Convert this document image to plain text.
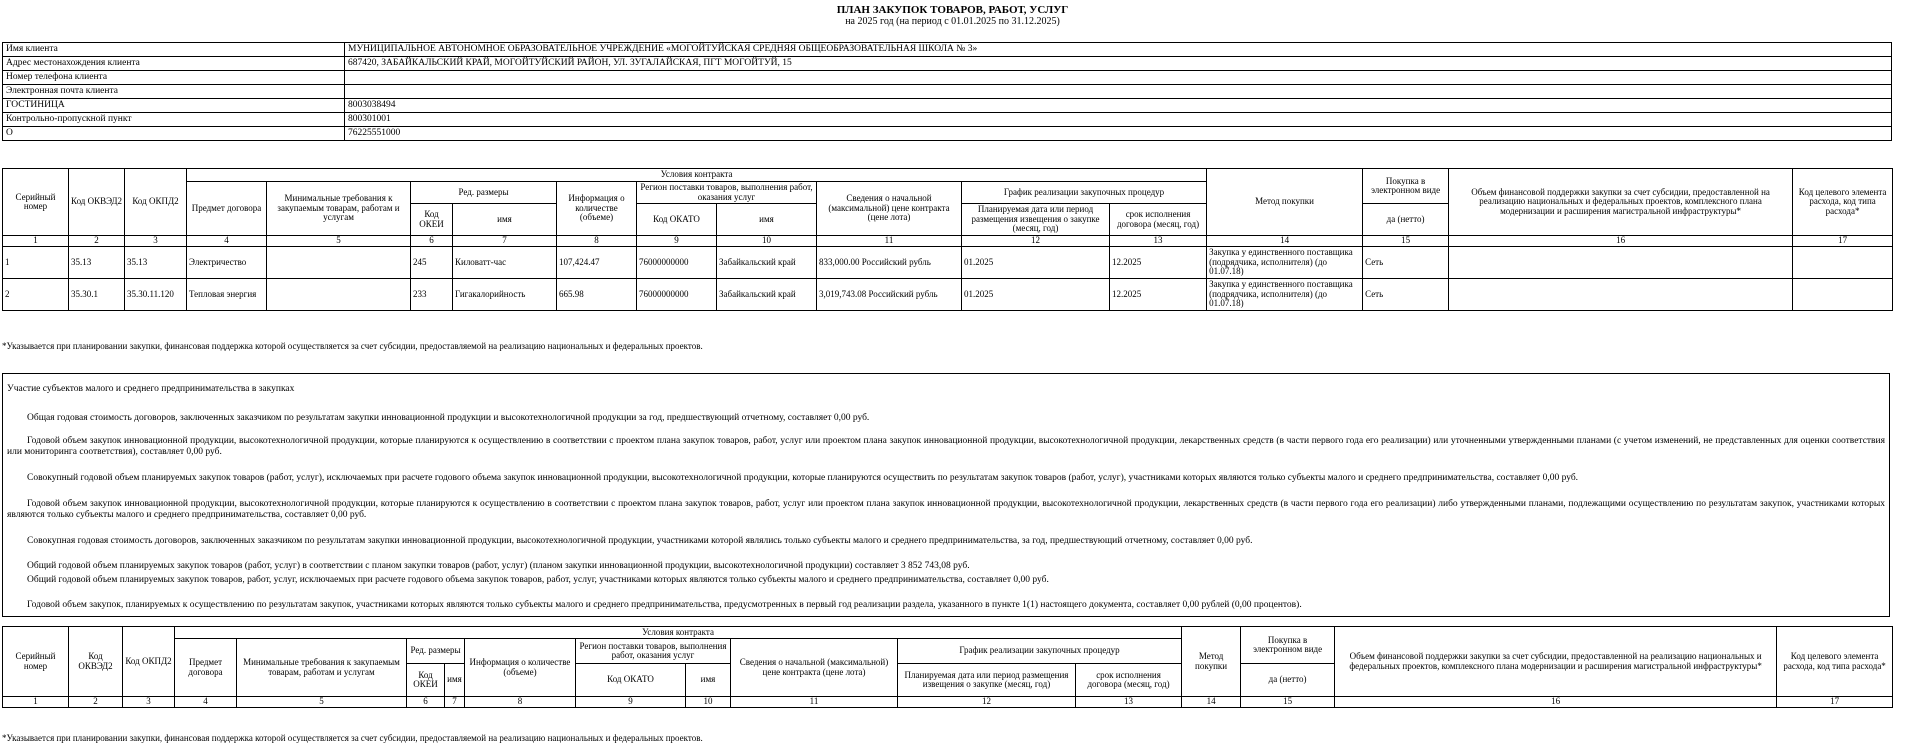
ПЛАН ЗАКУПОК ТОВАРОВ, РАБОТ, УСЛУГ
на 2025 год (на период с 01.01.2025 по 31.12.2025)
Имя клиента	МУНИЦИПАЛЬНОЕ АВТОНОМНОЕ ОБРАЗОВАТЕЛЬНОЕ УЧРЕЖДЕНИЕ «МОГОЙТУЙСКАЯ СРЕДНЯЯ ОБЩЕОБРАЗОВАТЕЛЬНАЯ ШКОЛА № 3»
Адрес местонахождения клиента	687420, ЗАБАЙКАЛЬСКИЙ КРАЙ, МОГОЙТУЙСКИЙ РАЙОН, УЛ. ЗУГАЛАЙСКАЯ, ПГТ МОГОЙТУЙ, 15
Номер телефона клиента	
Электронная почта клиента	
ГОСТИНИЦА	8003038494
Контрольно-пропускной пункт	800301001
О	76225551000
Серийный номер	Код ОКВЭД2	Код ОКПД2	Условия контракта										Метод покупки	Покупка в электронном виде	Объем финансовой поддержки закупки за счет субсидии, предоставленной на реализацию национальных и федеральных проектов, комплексного плана модернизации и расширения магистральной инфраструктуры*	Код целевого элемента расхода, код типа расхода*
			Предмет договора	Минимальные требования к закупаемым товарам, работам и услугам	Ред. размеры		Информация о количестве (объеме)	Регион поставки товаров, выполнения работ, оказания услуг		Сведения о начальной (максимальной) цене контракта (цене лота)	График реализации закупочных процедур					
					Код ОКЕИ	имя		Код ОКАТО	имя		Планируемая дата или период размещения извещения о закупке (месяц, год)	срок исполнения договора (месяц, год)		да (нетто)		
1	2	3	4	5	6	7	8	9	10	11	12	13	14	15	16	17
1	35.13	35.13	Электричество		245	Киловатт-час	107,424.47	76000000000	Забайкальский край	833,000.00 Российский рубль	01.2025	12.2025	Закупка у единственного поставщика (подрядчика, исполнителя) (до 01.07.18)	Сеть		
2	35.30.1	35.30.11.120	Тепловая энергия		233	Гигакалорийность	665.98	76000000000	Забайкальский край	3,019,743.08 Российский рубль	01.2025	12.2025	Закупка у единственного поставщика (подрядчика, исполнителя) (до 01.07.18)	Сеть		
*Указывается при планировании закупки, финансовая поддержка которой осуществляется за счет субсидии, предоставляемой на реализацию национальных и федеральных проектов.
Участие субъектов малого и среднего предпринимательства в закупках

Общая годовая стоимость договоров, заключенных заказчиком по результатам закупки инновационной продукции и высокотехнологичной продукции за год, предшествующий отчетному, составляет 0,00 руб.

Годовой объем закупок инновационной продукции, высокотехнологичной продукции, которые планируются к осуществлению в соответствии с проектом плана закупок товаров, работ, услуг или проектом плана закупок инновационной продукции, высокотехнологичной продукции, лекарственных средств (в части первого года его реализации) или уточненными утвержденными планами (с учетом изменений, не представленных для оценки соответствия или мониторинга соответствия), составляет 0,00 руб.

Совокупный годовой объем планируемых закупок товаров (работ, услуг), исключаемых при расчете годового объема закупок инновационной продукции, высокотехнологичной продукции, которые планируются осуществить по результатам закупок товаров (работ, услуг), участниками которых являются только субъекты малого и среднего предпринимательства, составляет 0,00 руб.

Годовой объем закупок инновационной продукции, высокотехнологичной продукции, которые планируются к осуществлению в соответствии с проектом плана закупок товаров, работ, услуг или проектом плана закупок инновационной продукции, высокотехнологичной продукции, лекарственных средств (в части первого года его реализации) либо утвержденными планами, подлежащими осуществлению по результатам закупок, участниками которых являются только субъекты малого и среднего предпринимательства, составляет 0,00 руб.

Совокупная годовая стоимость договоров, заключенных заказчиком по результатам закупки инновационной продукции, высокотехнологичной продукции, участниками которой являлись только субъекты малого и среднего предпринимательства, за год, предшествующий отчетному, составляет 0,00 руб.

Общий годовой объем планируемых закупок товаров (работ, услуг) в соответствии с планом закупки товаров (работ, услуг) (планом закупки инновационной продукции, высокотехнологичной продукции) составляет 3 852 743,08 руб.

Общий годовой объем планируемых закупок товаров, работ, услуг, исключаемых при расчете годового объема закупок товаров, работ, услуг, участниками которых являются только субъекты малого и среднего предпринимательства, составляет 0,00 руб.

Годовой объем закупок, планируемых к осуществлению по результатам закупок, участниками которых являются только субъекты малого и среднего предпринимательства, предусмотренных в первый год реализации раздела, указанного в пункте 1(1) настоящего документа, составляет 0,00 рублей (0,00 процентов).

Серийный номер	Код ОКВЭД2	Код ОКПД2	Условия контракта										Метод покупки	Покупка в электронном виде	Объем финансовой поддержки закупки за счет субсидии, предоставленной на реализацию национальных и федеральных проектов, комплексного плана модернизации и расширения магистральной инфраструктуры*	Код целевого элемента расхода, код типа расхода*
			Предмет договора	Минимальные требования к закупаемым товарам, работам и услугам	Ред. размеры		Информация о количестве (объеме)	Регион поставки товаров, выполнения работ, оказания услуг		Сведения о начальной (максимальной) цене контракта (цене лота)	График реализации закупочных процедур					
					Код ОКЕИ	имя		Код ОКАТО	имя		Планируемая дата или период размещения извещения о закупке (месяц, год)	срок исполнения договора (месяц, год)		да (нетто)		
1	2	3	4	5	6	7	8	9	10	11	12	13	14	15	16	17
*Указывается при планировании закупки, финансовая поддержка которой осуществляется за счет субсидии, предоставляемой на реализацию национальных и федеральных проектов.
